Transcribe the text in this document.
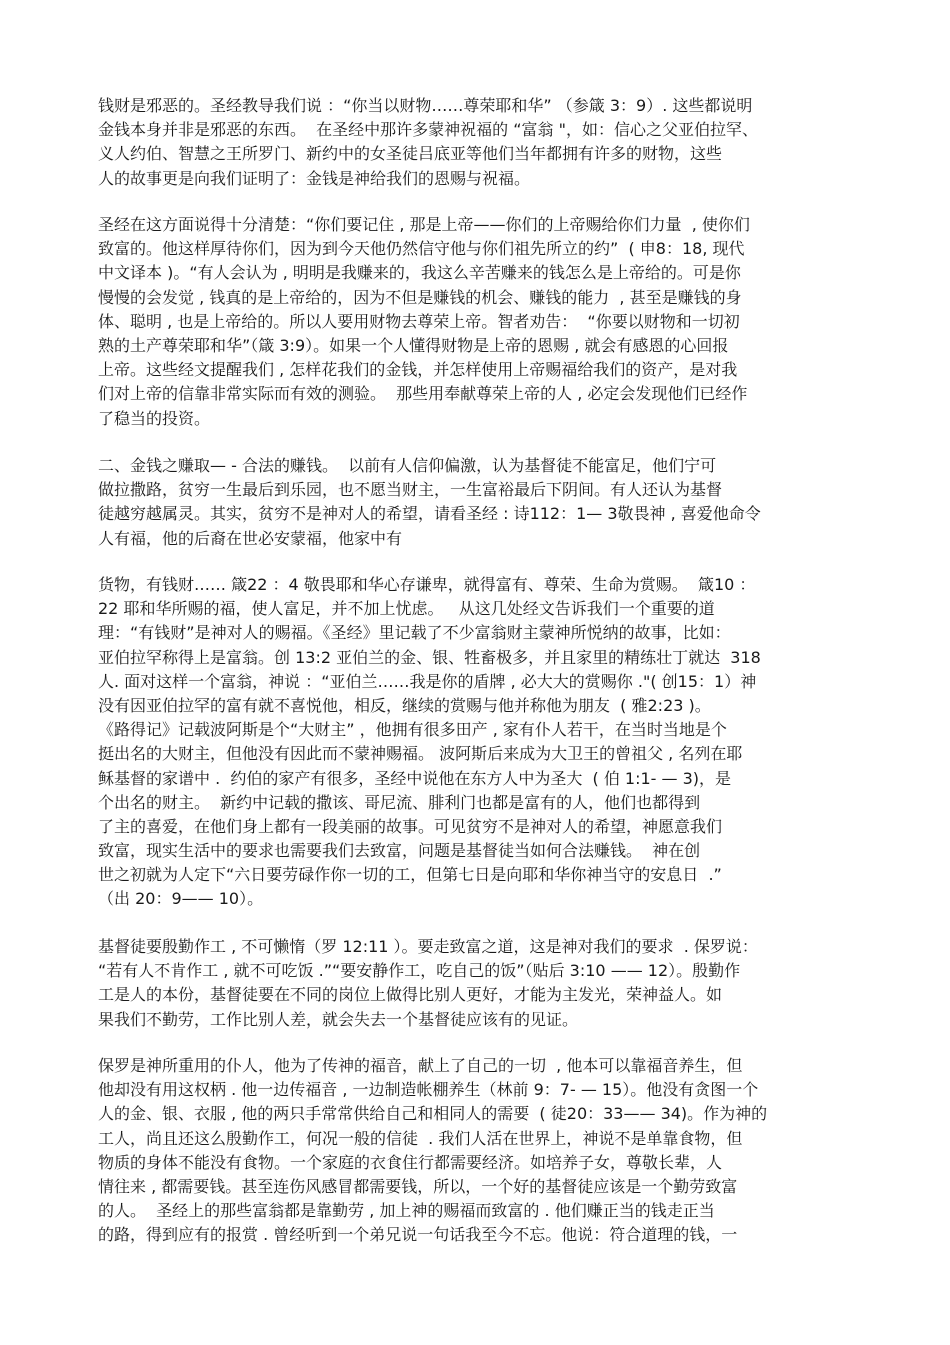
钱财是邪恶的。圣经教导我们说 ：“你当以财物……尊荣耶和华” （参箴 3：9）. 这些都说明
金钱本身并非是邪恶的东西。  在圣经中那许多蒙神祝福的 “富翁 "，如：信心之父亚伯拉罕、
义人约伯、智慧之王所罗门、新约中的女圣徒吕底亚等他们当年都拥有许多的财物，这些
人的故事更是向我们证明了：金钱是神给我们的恩赐与祝福。
圣经在这方面说得十分清楚：“你们要记住 , 那是上帝——你们的上帝赐给你们力量  , 使你们
致富的。他这样厚待你们，因为到今天他仍然信守他与你们祖先所立的约”  ( 申8：18, 现代
中文译本 )。“有人会认为 , 明明是我赚来的，我这么辛苦赚来的钱怎么是上帝给的。可是你
慢慢的会发觉 , 钱真的是上帝给的，因为不但是赚钱的机会、赚钱的能力  , 甚至是赚钱的身
体、聪明 , 也是上帝给的。所以人要用财物去尊荣上帝。智者劝告：  “你要以财物和一切初
熟的土产尊荣耶和华”（箴 3:9）。如果一个人懂得财物是上帝的恩赐 , 就会有感恩的心回报
上帝。这些经文提醒我们 , 怎样花我们的金钱，并怎样使用上帝赐福给我们的资产，是对我
们对上帝的信靠非常实际而有效的测验。  那些用奉献尊荣上帝的人 , 必定会发现他们已经作
了稳当的投资。
二、金钱之赚取— - 合法的赚钱。  以前有人信仰偏激，认为基督徒不能富足，他们宁可
做拉撒路，贫穷一生最后到乐园，也不愿当财主，一生富裕最后下阴间。有人还认为基督
徒越穷越属灵。其实，贫穷不是神对人的希望，请看圣经 : 诗112：1— 3敬畏神 , 喜爱他命令
人有福，他的后裔在世必安蒙福，他家中有
货物，有钱财…… 箴22 ：4 敬畏耶和华心存谦卑，就得富有、尊荣、生命为赏赐。  箴10 ：
22 耶和华所赐的福，使人富足，并不加上忧虑。   从这几处经文告诉我们一个重要的道
理：“有钱财”是神对人的赐福。《圣经》里记载了不少富翁财主蒙神所悦纳的故事，比如：
亚伯拉罕称得上是富翁。创 13:2 亚伯兰的金、银、牲畜极多，并且家里的精练壮丁就达  318
人. 面对这样一个富翁，神说 ：“亚伯兰……我是你的盾牌 , 必大大的赏赐你 ."( 创15：1）神
没有因亚伯拉罕的富有就不喜悦他，相反，继续的赏赐与他并称他为朋友  ( 雅2:23 )。
《路得记》记载波阿斯是个“大财主” ，他拥有很多田产 , 家有仆人若干，在当时当地是个
挺出名的大财主，但他没有因此而不蒙神赐福。 波阿斯后来成为大卫王的曾祖父 , 名列在耶
稣基督的家谱中 .  约伯的家产有很多，圣经中说他在东方人中为圣大  ( 伯 1:1- — 3)，是
个出名的财主。  新约中记载的撒该、哥尼流、腓利门也都是富有的人，他们也都得到
了主的喜爱，在他们身上都有一段美丽的故事。可见贫穷不是神对人的希望，神愿意我们
致富，现实生活中的要求也需要我们去致富，问题是基督徒当如何合法赚钱。  神在创
世之初就为人定下“六日要劳碌作你一切的工，但第七日是向耶和华你神当守的安息日  .”
（出 20：9—— 10）。
基督徒要殷勤作工 , 不可懒惰（罗 12:11 ）。要走致富之道，这是神对我们的要求  . 保罗说：
“若有人不肯作工 , 就不可吃饭 .”“要安静作工，吃自己的饭”（贴后 3:10 —— 12）。殷勤作
工是人的本份，基督徒要在不同的岗位上做得比别人更好，才能为主发光，荣神益人。如
果我们不勤劳，工作比别人差，就会失去一个基督徒应该有的见证。
保罗是神所重用的仆人，他为了传神的福音，献上了自己的一切  , 他本可以靠福音养生，但
他却没有用这权柄 . 他一边传福音 , 一边制造帐棚养生（林前 9：7- — 15）。他没有贪图一个
人的金、银、衣服 , 他的两只手常常供给自己和相同人的需要  ( 徒20：33—— 34)。作为神的
工人，尚且还这么殷勤作工，何况一般的信徒  . 我们人活在世界上，神说不是单靠食物，但
物质的身体不能没有食物。一个家庭的衣食住行都需要经济。如培养子女，尊敬长辈，人
情往来 , 都需要钱。甚至连伤风感冒都需要钱，所以，一个好的基督徒应该是一个勤劳致富
的人。  圣经上的那些富翁都是靠勤劳 , 加上神的赐福而致富的 . 他们赚正当的钱走正当
的路，得到应有的报赏 . 曾经听到一个弟兄说一句话我至今不忘。他说：符合道理的钱，一
